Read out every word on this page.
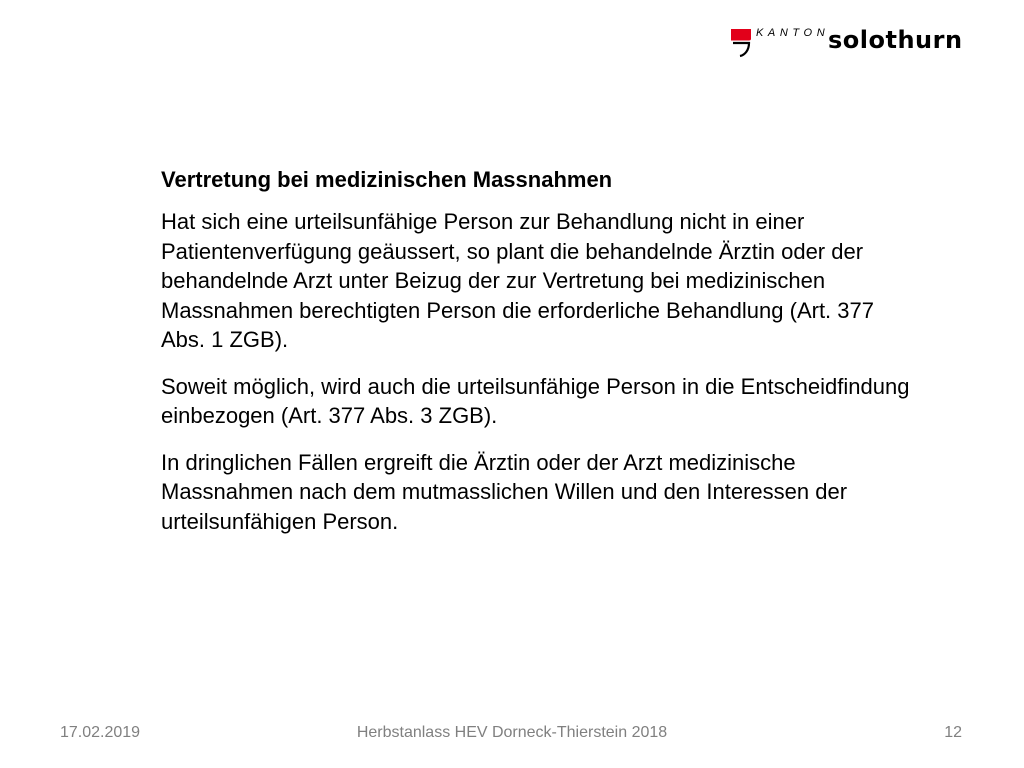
KANTON
solothurn
Vertretung bei medizinischen Massnahmen

Hat sich eine urteilsunfähige Person zur Behandlung nicht in einer Patientenverfügung geäussert, so plant die behandelnde Ärztin oder der behandelnde Arzt unter Beizug der zur Vertretung bei medizinischen Massnahmen berechtigten Person die erforderliche Behandlung (Art. 377 Abs. 1 ZGB).

Soweit möglich, wird auch die urteilsunfähige Person in die Entscheidfindung einbezogen (Art. 377 Abs. 3 ZGB).

In dringlichen Fällen ergreift die Ärztin oder der Arzt medizinische Massnahmen nach dem mutmasslichen Willen und den Interessen der urteilsunfähigen Person.

17.02.2019	Herbstanlass HEV Dorneck-Thierstein 2018	12
